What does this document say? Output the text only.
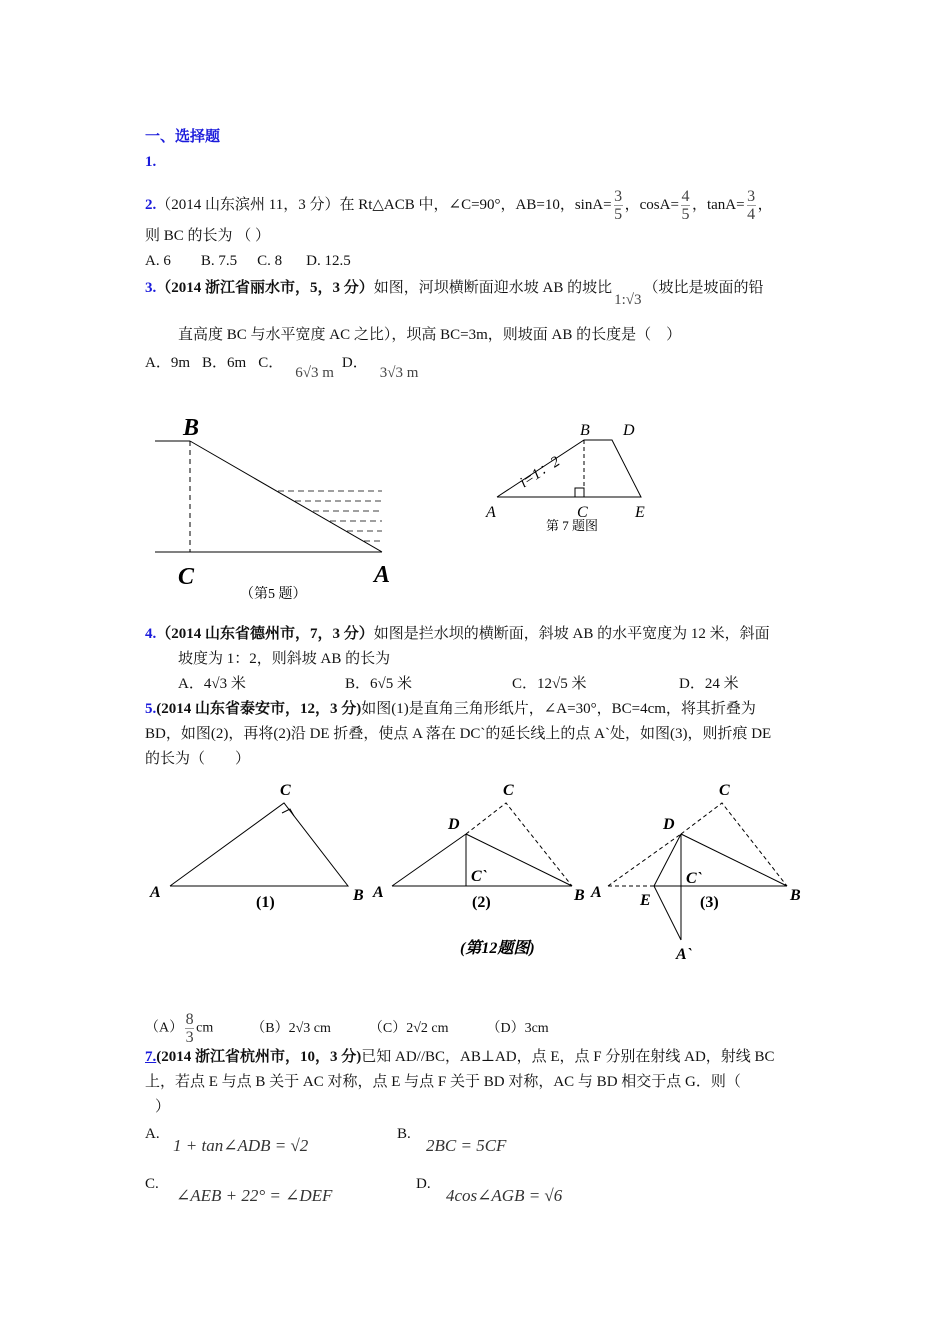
一、选择题
1.
2.（2014 山东滨州 11，3 分）在 Rt△ACB 中，∠C=90°，AB=10，$\sin A= \frac{3}{5}$ ，$\cos A= \frac{4}{5}$ ，$\tan A= \frac{3}{4}$ ，
则 BC 的长为 （ ）
A. 6 B. 7.5 C. 8 D. 12.5
3.（2014 浙江省丽水市，5，3 分）如图，河坝横断面迎水坡 AB 的坡比1:√3（坡比是坡面的铅
直高度 BC 与水平宽度 AC 之比），坝高 BC=3m，则坡面 AB 的长度是（　）
A．9m B．6m C．6√3 mD．3√3 m
B
C	A
（第5 题）
B D
A	C	E
i=1：2
第 7 题图
C
A	B
(1)
C
D
C`
A	B
(2)
C
D
C`
A	B
E	(3)
A`
(第12题图)
4.（2014 山东省德州市，7，3 分）如图是拦水坝的横断面，斜坡 AB 的水平宽度为 12 米，斜面
坡度为 1：2，则斜坡 AB 的长为
A．4√3 米	B．6√5 米	C．12√5 米	D．24 米
5.(2014 山东省泰安市，12，3 分)如图(1)是直角三角形纸片，∠A=30°，BC=4cm，将其折叠为
BD，如图(2)，再将(2)沿 DE 折叠，使点 A 落在 DC`的延长线上的点 A`处，如图(3)，则折痕 DE
的长为（　　）
$(A) \frac{8}{3}$ cm	（B）2√3 cm	（C）2√2 cm	（D）3cm
7.(2014 浙江省杭州市，10，3 分)已知 AD//BC，AB⊥AD，点 E，点 F 分别在射线 AD，射线 BC
上，若点 E 与点 B 关于 AC 对称，点 E 与点 F 关于 BD 对称，AC 与 BD 相交于点 G．则（
）
A.
1 + tan∠ADB = √2
B.
2BC = 5CF
C.
∠AEB + 22° = ∠DEF
D.
4cos∠AGB = √6
